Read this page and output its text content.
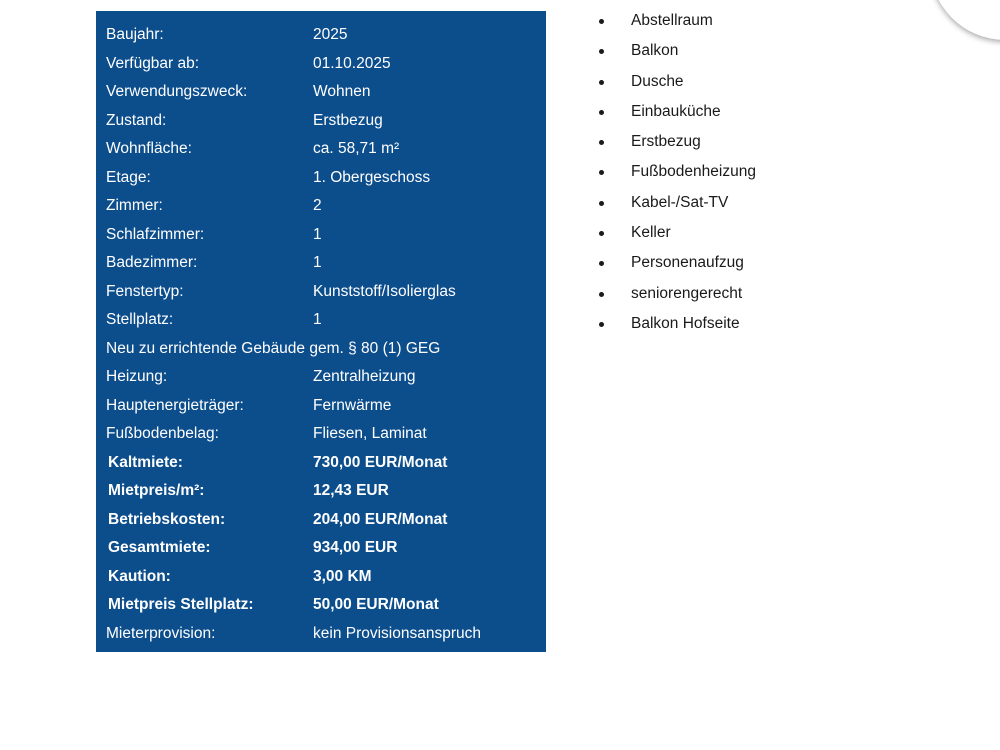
Baujahr:	2025
Verfügbar ab:	01.10.2025
Verwendungszweck:	Wohnen
Zustand:	Erstbezug
Wohnfläche:	ca. 58,71 m²
Etage:	1. Obergeschoss
Zimmer:	2
Schlafzimmer:	1
Badezimmer:	1
Fenstertyp:	Kunststoff/Isolierglas
Stellplatz:	1
Neu zu errichtende Gebäude gem. § 80 (1) GEG
Heizung:	Zentralheizung
Hauptenergieträger:	Fernwärme
Fußbodenbelag:	Fliesen, Laminat
Kaltmiete:	730,00 EUR/Monat
Mietpreis/m²:	12,43 EUR
Betriebskosten:	204,00 EUR/Monat
Gesamtmiete:	934,00 EUR
Kaution:	3,00 KM
Mietpreis Stellplatz:	50,00 EUR/Monat
Mieterprovision:	kein Provisionsanspruch
Abstellraum
Balkon
Dusche
Einbauküche
Erstbezug
Fußbodenheizung
Kabel-/Sat-TV
Keller
Personenaufzug
seniorengerecht
Balkon Hofseite
